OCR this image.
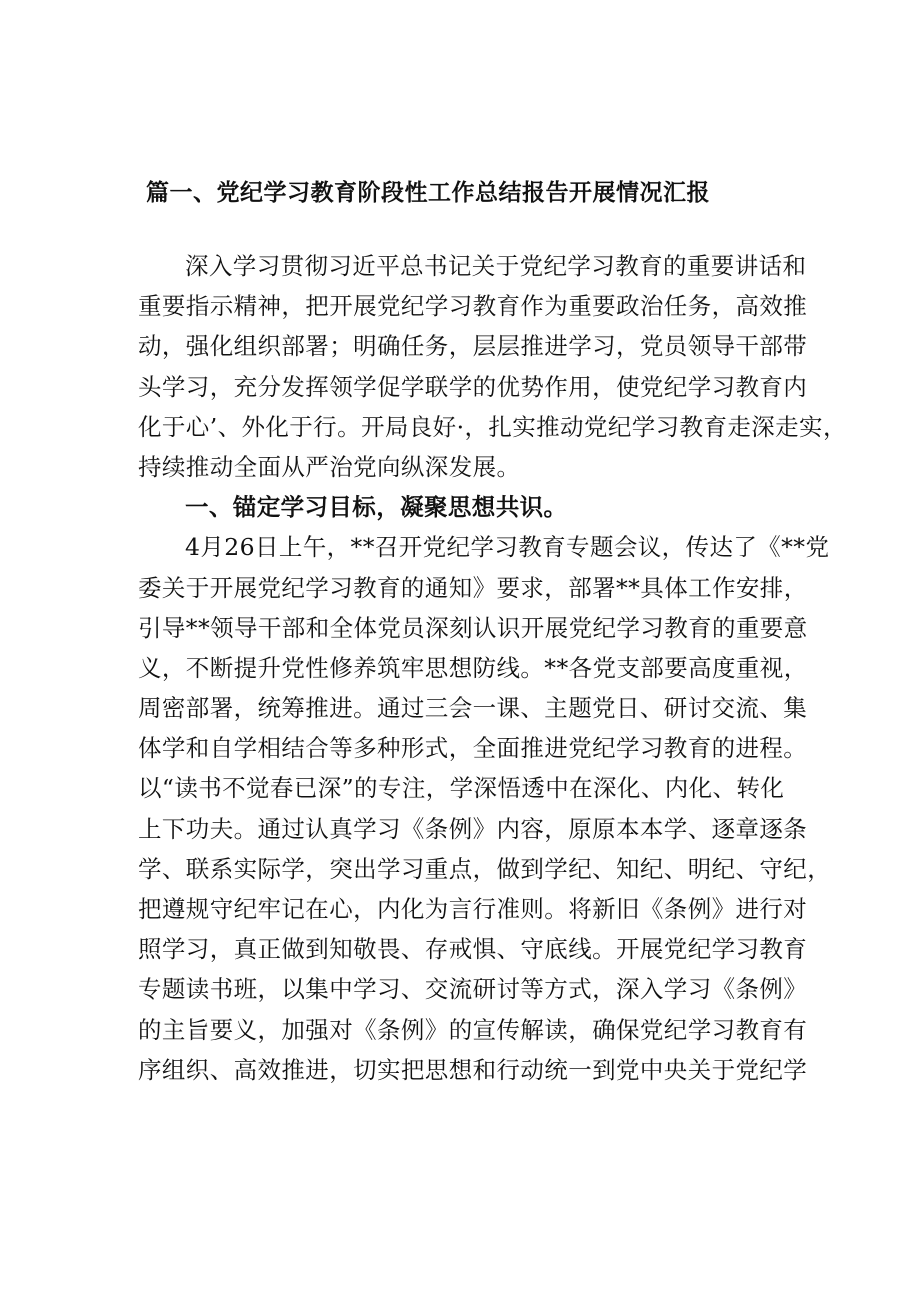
篇一、党纪学习教育阶段性工作总结报告开展情况汇报
深入学习贯彻习近平总书记关于党纪学习教育的重要讲话和
重要指示精神，把开展党纪学习教育作为重要政治任务，高效推
动，强化组织部署；明确任务，层层推进学习，党员领导干部带
头学习，充分发挥领学促学联学的优势作用，使党纪学习教育内
化于心’、外化于行。开局良好·，扎实推动党纪学习教育走深走实，
持续推动全面从严治党向纵深发展。
一、锚定学习目标，凝聚思想共识。
4月26日上午，**召开党纪学习教育专题会议，传达了《**党
委关于开展党纪学习教育的通知》要求，部署**具体工作安排，
引导**领导干部和全体党员深刻认识开展党纪学习教育的重要意
义，不断提升党性修养筑牢思想防线。**各党支部要高度重视，
周密部署，统筹推进。通过三会一课、主题党日、研讨交流、集
体学和自学相结合等多种形式，全面推进党纪学习教育的进程。
以“读书不觉春已深”的专注，学深悟透中在深化、内化、转化
上下功夫。通过认真学习《条例》内容，原原本本学、逐章逐条
学、联系实际学，突出学习重点，做到学纪、知纪、明纪、守纪，
把遵规守纪牢记在心，内化为言行准则。将新旧《条例》进行对
照学习，真正做到知敬畏、存戒惧、守底线。开展党纪学习教育
专题读书班，以集中学习、交流研讨等方式，深入学习《条例》
的主旨要义，加强对《条例》的宣传解读，确保党纪学习教育有
序组织、高效推进，切实把思想和行动统一到党中央关于党纪学
